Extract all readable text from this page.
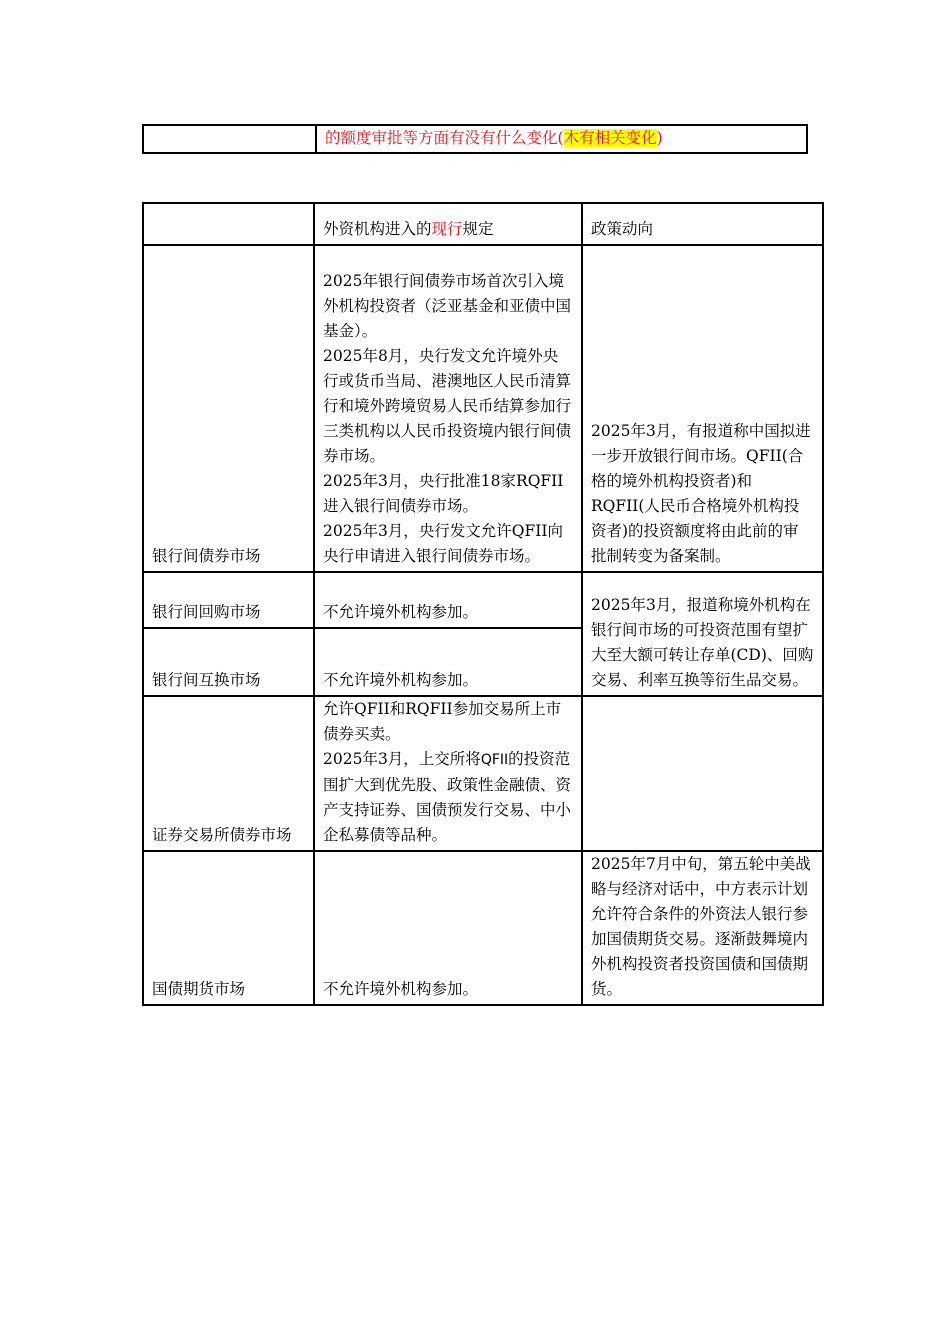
	的额度审批等方面有没有什么变化(木有相关变化)
	外资机构进入的现行规定	政策动向
银行间债券市场	2025年银行间债券市场首次引入境外机构投资者（泛亚基金和亚债中国基金）。
2025年8月，央行发文允许境外央行或货币当局、港澳地区人民币清算行和境外跨境贸易人民币结算参加行三类机构以人民币投资境内银行间债券市场。
2025年3月，央行批准18家RQFII进入银行间债券市场。
2025年3月，央行发文允许QFII向央行申请进入银行间债券市场。	2025年3月，有报道称中国拟进一步开放银行间市场。QFII(合格的境外机构投资者)和RQFII(人民币合格境外机构投资者)的投资额度将由此前的审批制转变为备案制。
银行间回购市场	不允许境外机构参加。	2025年3月，报道称境外机构在银行间市场的可投资范围有望扩大至大额可转让存单(CD)、回购交易、利率互换等衍生品交易。
银行间互换市场	不允许境外机构参加。	
证券交易所债券市场	允许QFII和RQFII参加交易所上市债券买卖。
2025年3月，上交所将QFII的投资范围扩大到优先股、政策性金融债、资产支持证券、国债预发行交易、中小企私募债等品种。	

国债期货市场	不允许境外机构参加。	2025年7月中旬，第五轮中美战略与经济对话中，中方表示计划允许符合条件的外资法人银行参加国债期货交易。逐渐鼓舞境内外机构投资者投资国债和国债期货。
